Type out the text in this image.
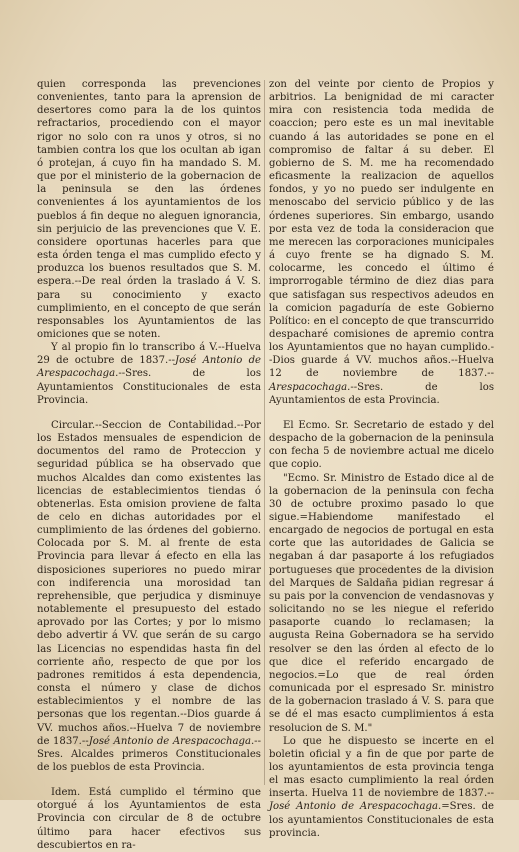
quien corresponda las prevenciones convenientes, tanto para la aprension de desertores como para la de los quintos refractarios, procediendo con el mayor rigor no solo con ra unos y otros, si no tambien contra los que los ocultan ab igan ó protejan, á cuyo fin ha mandado S. M. que por el ministerio de la gobernacion de la peninsula se den las órdenes convenientes á los ayuntamientos de los pueblos á fin deque no aleguen ignorancia, sin perjuicio de las prevenciones que V. E. considere oportunas hacerles para que esta órden tenga el mas cumplido efecto y produzca los buenos resultados que S. M. espera.--De real órden la traslado á V. S. para su conocimiento y exacto cumplimiento, en el concepto de que serán responsables los Ayuntamientos de las omiciones que se noten.

Y al propio fin lo transcribo á V.--Huelva 29 de octubre de 1837.--José Antonio de Arespacochaga.--Sres. de los Ayuntamientos Constitucionales de esta Provincia.

Circular.--Seccion de Contabilidad.--Por los Estados mensuales de espendicion de documentos del ramo de Proteccion y seguridad pública se ha observado que muchos Alcaldes dan como existentes las licencias de establecimientos tiendas ó obtenerlas. Esta omision proviene de falta de celo en dichas autoridades por el cumplimiento de las órdenes del gobierno. Colocada por S. M. al frente de esta Provincia para llevar á efecto en ella las disposiciones superiores no puedo mirar con indiferencia una morosidad tan reprehensible, que perjudica y disminuye notablemente el presupuesto del estado aprovado por las Cortes; y por lo mismo debo advertir á VV. que serán de su cargo las Licencias no espendidas hasta fin del corriente año, respecto de que por los padrones remitidos á esta dependencia, consta el número y clase de dichos establecimientos y el nombre de las personas que los regentan.--Dios guarde á VV. muchos años.--Huelva 7 de noviembre de 1837.--José Antonio de Arespacochaga.--Sres. Alcaldes primeros Constitucionales de los pueblos de esta Provincia.

Idem. Está cumplido el término que otorgué á los Ayuntamientos de esta Provincia con circular de 8 de octubre último para hacer efectivos sus descubiertos en ra-

zon del veinte por ciento de Propios y arbitrios. La benignidad de mi caracter mira con resistencia toda medida de coaccion; pero este es un mal inevitable cuando á las autoridades se pone en el compromiso de faltar á su deber. El gobierno de S. M. me ha recomendado eficasmente la realizacion de aquellos fondos, y yo no puedo ser indulgente en menoscabo del servicio público y de las órdenes superiores. Sin embargo, usando por esta vez de toda la consideracion que me merecen las corporaciones municipales á cuyo frente se ha dignado S. M. colocarme, les concedo el último é improrrogable término de diez dias para que satisfagan sus respectivos adeudos en la comicion pagaduría de este Gobierno Político: en el concepto de que transcurrido despacharé comisiones de apremio contra los Ayuntamientos que no hayan cumplido.--Dios guarde á VV. muchos años.--Huelva 12 de noviembre de 1837.--Arespacochaga.--Sres. de los Ayuntamientos de esta Provincia.

El Ecmo. Sr. Secretario de estado y del despacho de la gobernacion de la peninsula con fecha 5 de noviembre actual me dicelo que copio.

"Ecmo. Sr. Ministro de Estado dice al de la gobernacion de la peninsula con fecha 30 de octubre proximo pasado lo que sigue.=Habiendome manifestado el encargado de negocios de portugal en esta corte que las autoridades de Galicia se negaban á dar pasaporte á los refugiados portugueses que procedentes de la division del Marques de Saldaña pidian regresar á su pais por la convencion de vendasnovas y solicitando no se les niegue el referido pasaporte cuando lo reclamasen; la augusta Reina Gobernadora se ha servido resolver se den las órden al efecto de lo que dice el referido encargado de negocios.=Lo que de real órden comunicada por el espresado Sr. ministro de la gobernacion traslado á V. S. para que se dé el mas esacto cumplimientos á esta resolucion de S. M."

Lo que he dispuesto se incerte en el boletin oficial y a fin de que por parte de los ayuntamientos de esta provincia tenga el mas esacto cumplimiento la real órden inserta. Huelva 11 de noviembre de 1837.--José Antonio de Arespacochaga.=Sres. de los ayuntamientos Constitucionales de esta provincia.
